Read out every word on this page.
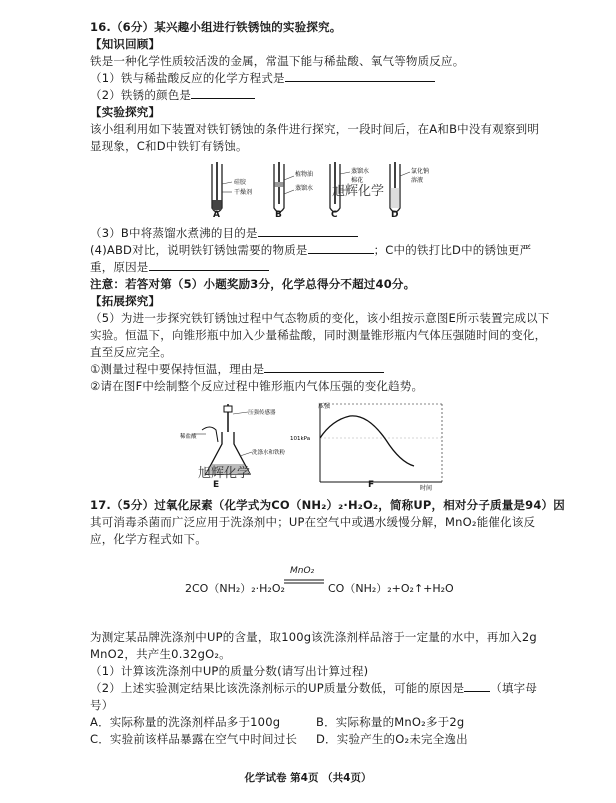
16.（6分）某兴趣小组进行铁锈蚀的实验探究。
【知识回顾】
铁是一种化学性质较活泼的金属，常温下能与稀盐酸、氧气等物质反应。
（1）铁与稀盐酸反应的化学方程式是
（2）铁锈的颜色是
【实验探究】
该小组利用如下装置对铁钉锈蚀的条件进行探究，一段时间后，在A和B中没有观察到明
显现象，C和D中铁钉有锈蚀。
硅胶
干燥剂
植物油
蒸馏水
蒸馏水
棉花
氯化钠
溶液
旭辉化学
A	B	C	D
（3）B中将蒸馏水煮沸的目的是
(4)ABD对比，说明铁钉锈蚀需要的物质是	；C中的铁打比D中的锈蚀更严
重，原因是
注意：若答对第（5）小题奖励3分，化学总得分不超过40分。
【拓展探究】
（5）为进一步探究铁钉锈蚀过程中气态物质的变化，该小组按示意图E所示装置完成以下
实验。恒温下，向锥形瓶中加入少量稀盐酸，同时测量锥形瓶内气体压强随时间的变化，
直至反应完全。
①测量过程中要保持恒温，理由是
②请在图F中绘制整个反应过程中锥形瓶内气体压强的变化趋势。
压强传感器
稀盐酸
洗涤水和铁粉
旭辉化学
E
压强
101kPa
时间
F
17.（5分）过氧化尿素（化学式为CO（NH₂）₂·H₂O₂，简称UP，相对分子质量是94）因
其可消毒杀菌而广泛应用于洗涤剂中；UP在空气中或遇水缓慢分解，MnO₂能催化该反
应，化学方程式如下。
2CO（NH₂）₂·H₂O₂
MnO₂
CO（NH₂）₂+O₂↑+H₂O
为测定某品牌洗涤剂中UP的含量，取100g该洗涤剂样品溶于一定量的水中，再加入2g
MnO2，共产生0.32gO₂。
（1）计算该洗涤剂中UP的质量分数(请写出计算过程)
（2）上述实验测定结果比该洗涤剂标示的UP质量分数低，可能的原因是 （填字母
号）
A．实际称量的洗涤剂样品多于100g	B．实际称量的MnO₂多于2g
C．实验前该样品暴露在空气中时间过长 D．实验产生的O₂未完全逸出
化学试卷 第4页 （共4页）
